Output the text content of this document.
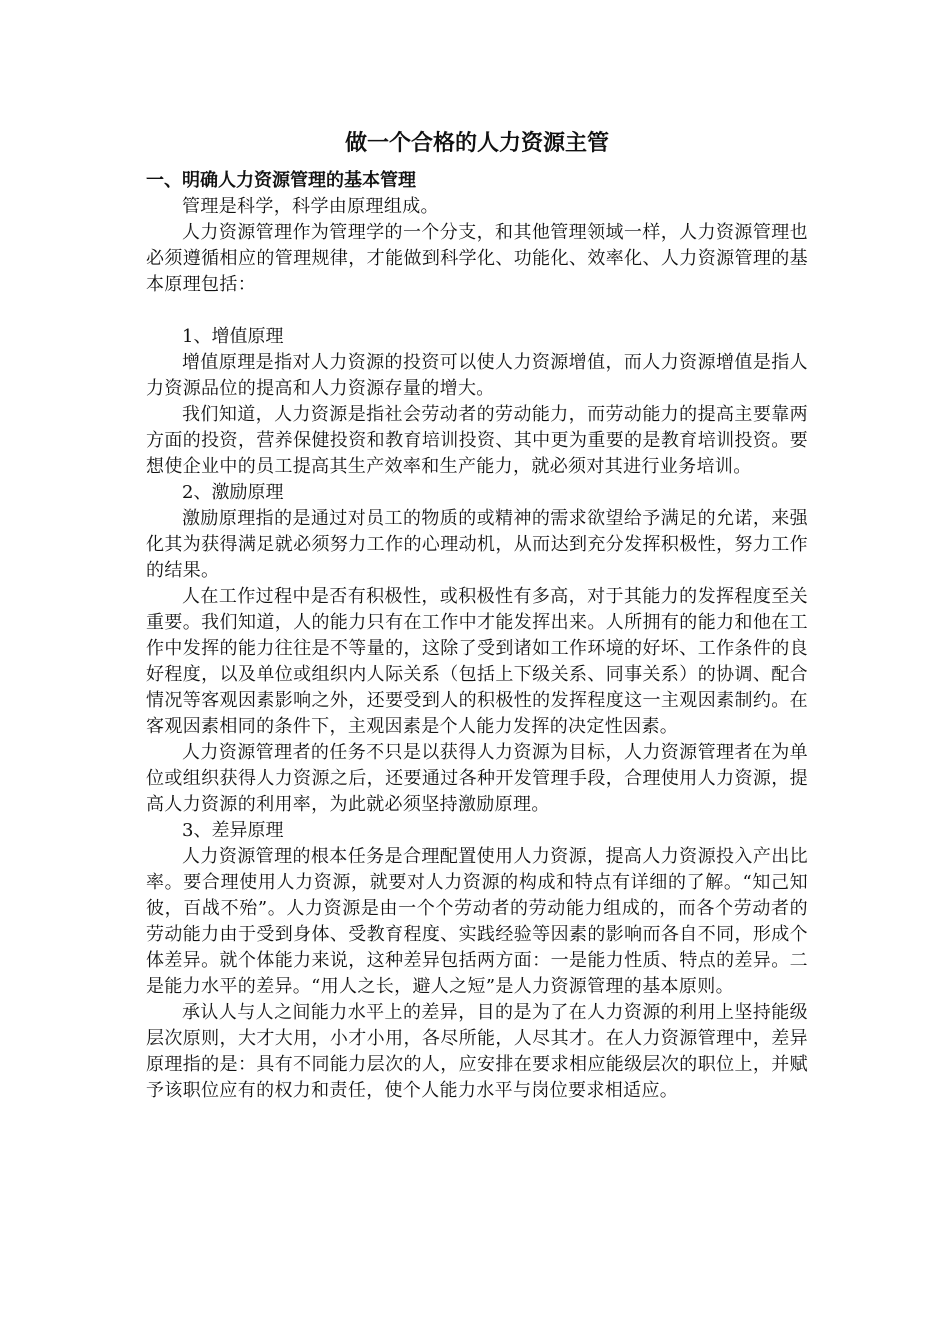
做一个合格的人力资源主管
一、明确人力资源管理的基本管理

管理是科学，科学由原理组成。

人力资源管理作为管理学的一个分支，和其他管理领域一样，人力资源管理也必须遵循相应的管理规律，才能做到科学化、功能化、效率化、人力资源管理的基本原理包括：

1、增值原理

增值原理是指对人力资源的投资可以使人力资源增值，而人力资源增值是指人力资源品位的提高和人力资源存量的增大。

我们知道，人力资源是指社会劳动者的劳动能力，而劳动能力的提高主要靠两方面的投资，营养保健投资和教育培训投资、其中更为重要的是教育培训投资。要想使企业中的员工提高其生产效率和生产能力，就必须对其进行业务培训。

2、激励原理

激励原理指的是通过对员工的物质的或精神的需求欲望给予满足的允诺，来强化其为获得满足就必须努力工作的心理动机，从而达到充分发挥积极性，努力工作的结果。

人在工作过程中是否有积极性，或积极性有多高，对于其能力的发挥程度至关重要。我们知道，人的能力只有在工作中才能发挥出来。人所拥有的能力和他在工作中发挥的能力往往是不等量的，这除了受到诸如工作环境的好坏、工作条件的良好程度，以及单位或组织内人际关系（包括上下级关系、同事关系）的协调、配合情况等客观因素影响之外，还要受到人的积极性的发挥程度这一主观因素制约。在客观因素相同的条件下，主观因素是个人能力发挥的决定性因素。

人力资源管理者的任务不只是以获得人力资源为目标，人力资源管理者在为单位或组织获得人力资源之后，还要通过各种开发管理手段，合理使用人力资源，提高人力资源的利用率，为此就必须坚持激励原理。

3、差异原理

人力资源管理的根本任务是合理配置使用人力资源，提高人力资源投入产出比率。要合理使用人力资源，就要对人力资源的构成和特点有详细的了解。“知己知彼，百战不殆”。人力资源是由一个个劳动者的劳动能力组成的，而各个劳动者的劳动能力由于受到身体、受教育程度、实践经验等因素的影响而各自不同，形成个体差异。就个体能力来说，这种差异包括两方面：一是能力性质、特点的差异。二是能力水平的差异。“用人之长，避人之短”是人力资源管理的基本原则。

承认人与人之间能力水平上的差异，目的是为了在人力资源的利用上坚持能级层次原则，大才大用，小才小用，各尽所能，人尽其才。在人力资源管理中，差异原理指的是：具有不同能力层次的人，应安排在要求相应能级层次的职位上，并赋予该职位应有的权力和责任，使个人能力水平与岗位要求相适应。
